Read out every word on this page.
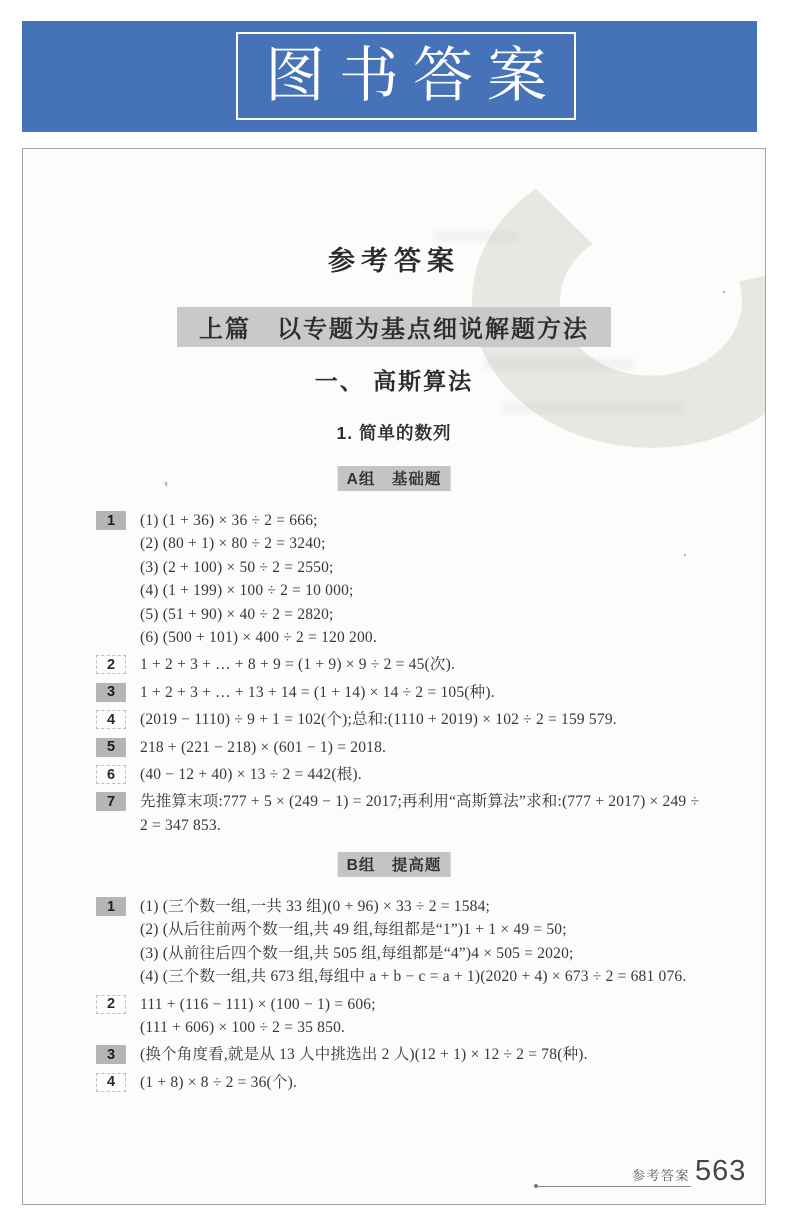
图书答案
参考答案
上篇　以专题为基点细说解题方法
一、 高斯算法
1. 简单的数列
A组　基础题
ᶣ
1	(1) (1 + 36) × 36 ÷ 2 = 666;
(2) (80 + 1) × 80 ÷ 2 = 3240;
(3) (2 + 100) × 50 ÷ 2 = 2550;
(4) (1 + 199) × 100 ÷ 2 = 10 000;
(5) (51 + 90) × 40 ÷ 2 = 2820;
(6) (500 + 101) × 400 ÷ 2 = 120 200.
2	1 + 2 + 3 + … + 8 + 9 = (1 + 9) × 9 ÷ 2 = 45(次).
3	1 + 2 + 3 + … + 13 + 14 = (1 + 14) × 14 ÷ 2 = 105(种).
4	(2019 − 1110) ÷ 9 + 1 = 102(个);总和:(1110 + 2019) × 102 ÷ 2 = 159 579.
5	218 + (221 − 218) × (601 − 1) = 2018.
6	(40 − 12 + 40) × 13 ÷ 2 = 442(根).
7	先推算末项:777 + 5 × (249 − 1) = 2017;再利用“高斯算法”求和:(777 + 2017) × 249 ÷
2 = 347 853.
B组　提高题
1	(1) (三个数一组,一共 33 组)(0 + 96) × 33 ÷ 2 = 1584;
(2) (从后往前两个数一组,共 49 组,每组都是“1”)1 + 1 × 49 = 50;
(3) (从前往后四个数一组,共 505 组,每组都是“4”)4 × 505 = 2020;
(4) (三个数一组,共 673 组,每组中 a + b − c = a + 1)(2020 + 4) × 673 ÷ 2 = 681 076.
2	111 + (116 − 111) × (100 − 1) = 606;
(111 + 606) × 100 ÷ 2 = 35 850.
3	(换个角度看,就是从 13 人中挑选出 2 人)(12 + 1) × 12 ÷ 2 = 78(种).
4	(1 + 8) × 8 ÷ 2 = 36(个).
参考答案 563
